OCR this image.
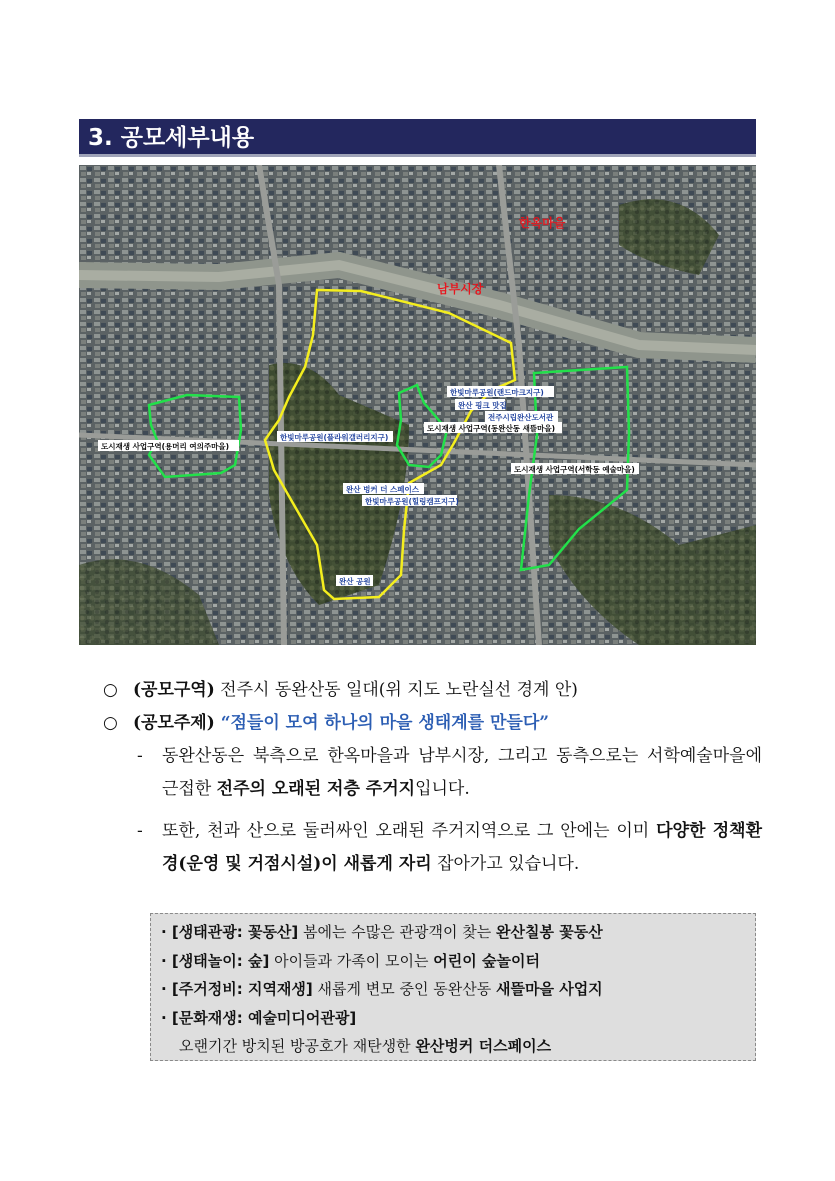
3. 공모세부내용
한옥마을
남부시장
한빛마루공원(랜드마크지구)
완산 핑크 맛집
전주시립완산도서관
도시재생 사업구역(동완산동 새뜰마을)
한빛마루공원(플라워갤러리지구)
도시재생 사업구역(용머리 여의주마을)
도시재생 사업구역(서학동 예술마을)
완산 벙커 더 스페이스
한빛마루공원(힐링캠프지구)
완산 공원
○ (공모구역) 전주시 동완산동 일대(위 지도 노란실선 경계 안)
○ (공모주제) “점들이 모여 하나의 마을 생태계를 만들다”
- 동완산동은 북측으로 한옥마을과 남부시장, 그리고 동측으로는 서학예술마을에 근접한 전주의 오래된 저층 주거지입니다.
- 또한, 천과 산으로 둘러싸인 오래된 주거지역으로 그 안에는 이미 다양한 정책환경(운영 및 거점시설)이 새롭게 자리 잡아가고 있습니다.
· [생태관광: 꽃동산] 봄에는 수많은 관광객이 찾는 완산칠봉 꽃동산
· [생태놀이: 숲] 아이들과 가족이 모이는 어린이 숲놀이터
· [주거정비: 지역재생] 새롭게 변모 중인 동완산동 새뜰마을 사업지
· [문화재생: 예술미디어관광]
오랜기간 방치된 방공호가 재탄생한 완산벙커 더스페이스
